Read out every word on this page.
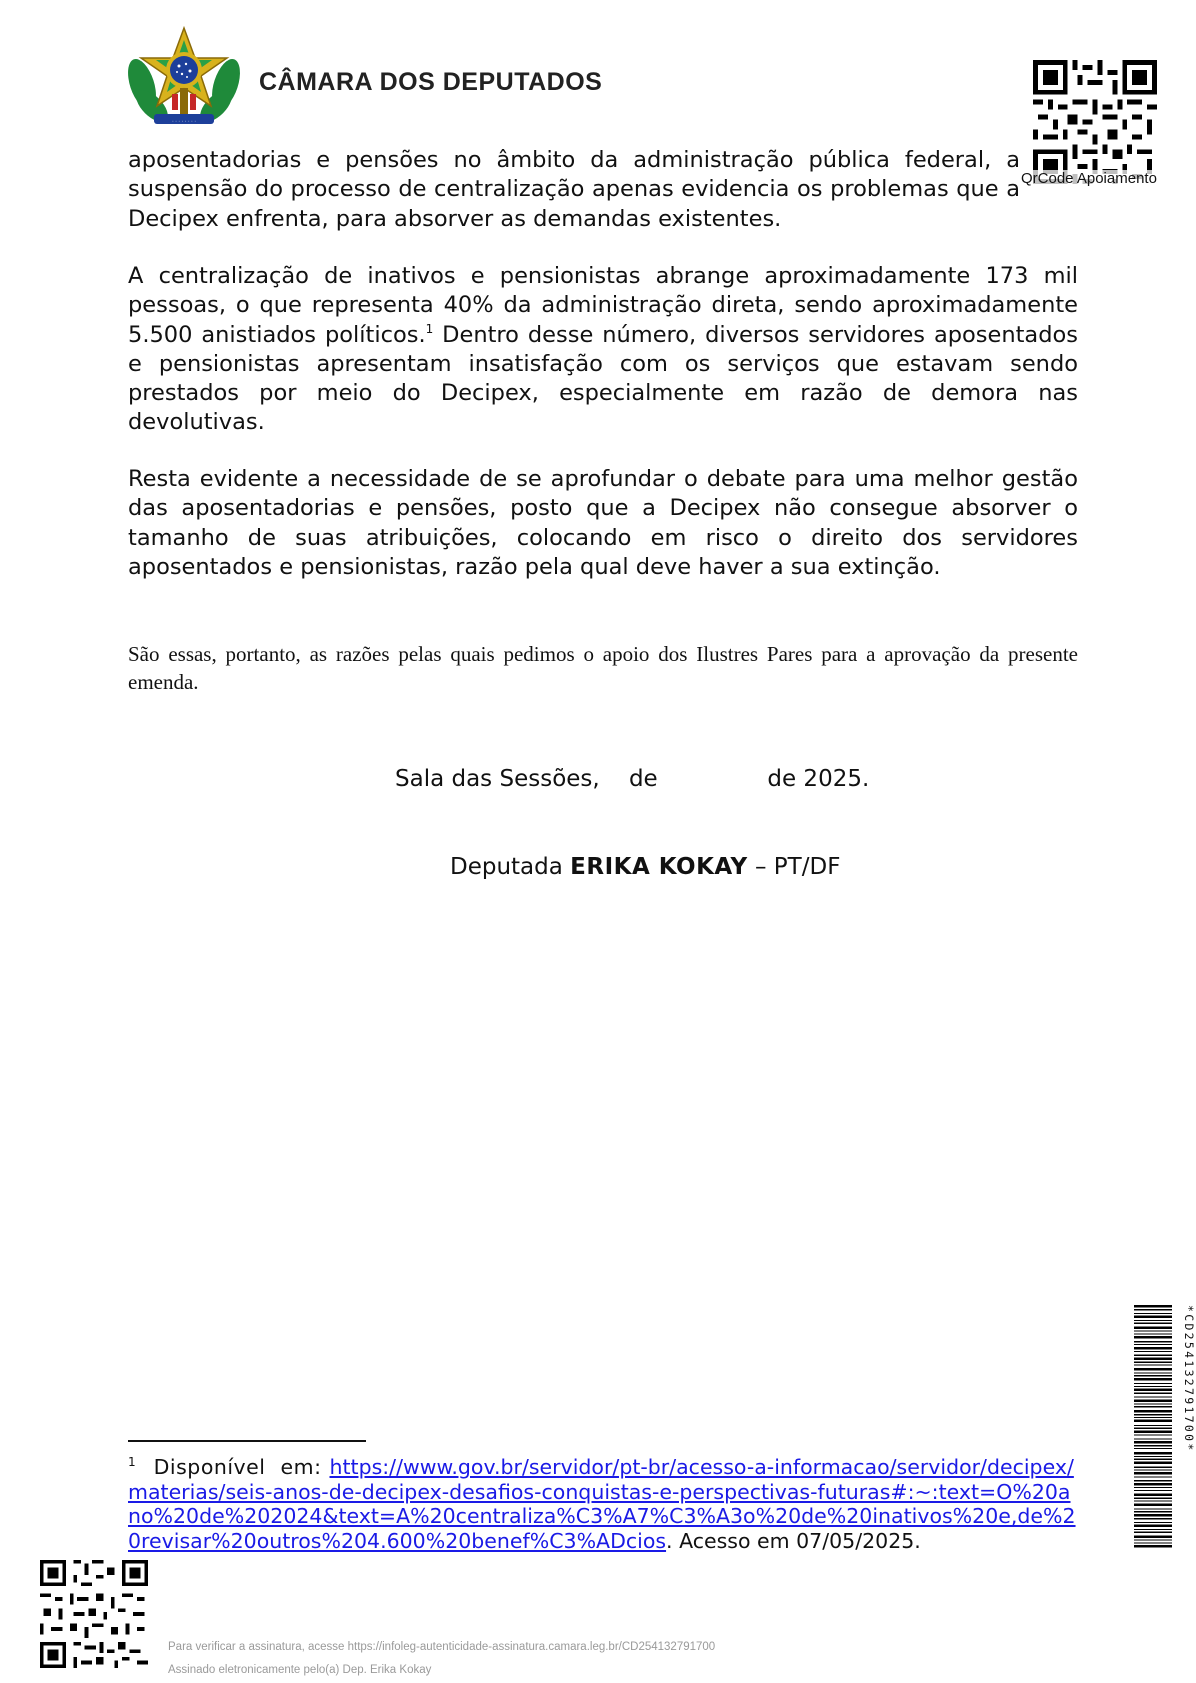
. . . . . . . .
CÂMARA DOS DEPUTADOS
QrCode Apoiamento
aposentadorias e pensões no âmbito da administração pública federal, a suspensão do processo de centralização apenas evidencia os problemas que a Decipex enfrenta, para absorver as demandas existentes.
A centralização de inativos e pensionistas abrange aproximadamente 173 mil pessoas, o que representa 40% da administração direta, sendo aproximadamente 5.500 anistiados políticos.$^1$ Dentro desse número, diversos servidores aposentados e pensionistas apresentam insatisfação com os serviços que estavam sendo prestados por meio do Decipex, especialmente em razão de demora nas devolutivas.
Resta evidente a necessidade de se aprofundar o debate para uma melhor gestão das aposentadorias e pensões, posto que a Decipex não consegue absorver o tamanho de suas atribuições, colocando em risco o direito dos servidores aposentados e pensionistas, razão pela qual deve haver a sua extinção.
São essas, portanto, as razões pelas quais pedimos o apoio dos Ilustres Pares para a aprovação da presente emenda.
Sala das Sessões,    de               de 2025.
Deputada ERIKA KOKAY – PT/DF
$^1$ Disponível em: https://www.gov.br/servidor/pt-br/acesso-a-informacao/servidor/decipex/materias/seis-anos-de-decipex-desafios-conquistas-e-perspectivas-futuras#:~:text=O%20ano%20de%202024&text=A%20centraliza%C3%A7%C3%A3o%20de%20inativos%20e,de%20revisar%20outros%204.600%20benef%C3%ADcios. Acesso em 07/05/2025.
*CD254132791700*
Para verificar a assinatura, acesse https://infoleg-autenticidade-assinatura.camara.leg.br/CD254132791700
Assinado eletronicamente pelo(a) Dep. Erika Kokay
